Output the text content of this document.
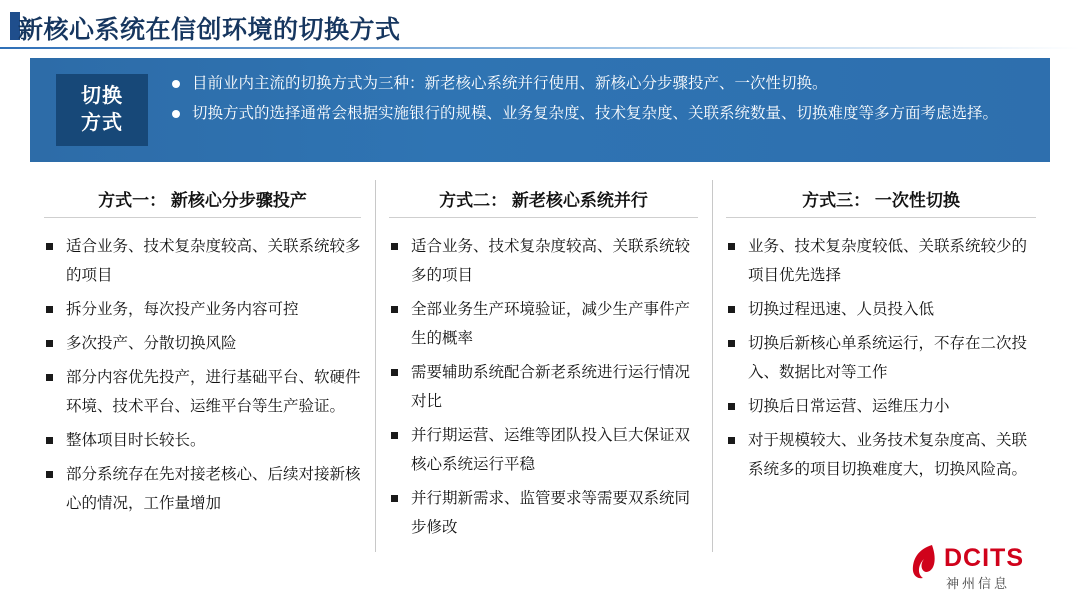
新核心系统在信创环境的切换方式
切换
方式
目前业内主流的切换方式为三种：新老核心系统并行使用、新核心分步骤投产、一次性切换。
切换方式的选择通常会根据实施银行的规模、业务复杂度、技术复杂度、关联系统数量、切换难度等多方面考虑选择。
方式一： 新核心分步骤投产
适合业务、技术复杂度较高、关联系统较多的项目
拆分业务，每次投产业务内容可控
多次投产、分散切换风险
部分内容优先投产，进行基础平台、软硬件环境、技术平台、运维平台等生产验证。
整体项目时长较长。
部分系统存在先对接老核心、后续对接新核心的情况，工作量增加
方式二： 新老核心系统并行
适合业务、技术复杂度较高、关联系统较多的项目
全部业务生产环境验证，减少生产事件产生的概率
需要辅助系统配合新老系统进行运行情况对比
并行期运营、运维等团队投入巨大保证双核心系统运行平稳
并行期新需求、监管要求等需要双系统同步修改
方式三： 一次性切换
业务、技术复杂度较低、关联系统较少的项目优先选择
切换过程迅速、人员投入低
切换后新核心单系统运行，不存在二次投入、数据比对等工作
切换后日常运营、运维压力小
对于规模较大、业务技术复杂度高、关联系统多的项目切换难度大，切换风险高。
DCITS
神州信息
